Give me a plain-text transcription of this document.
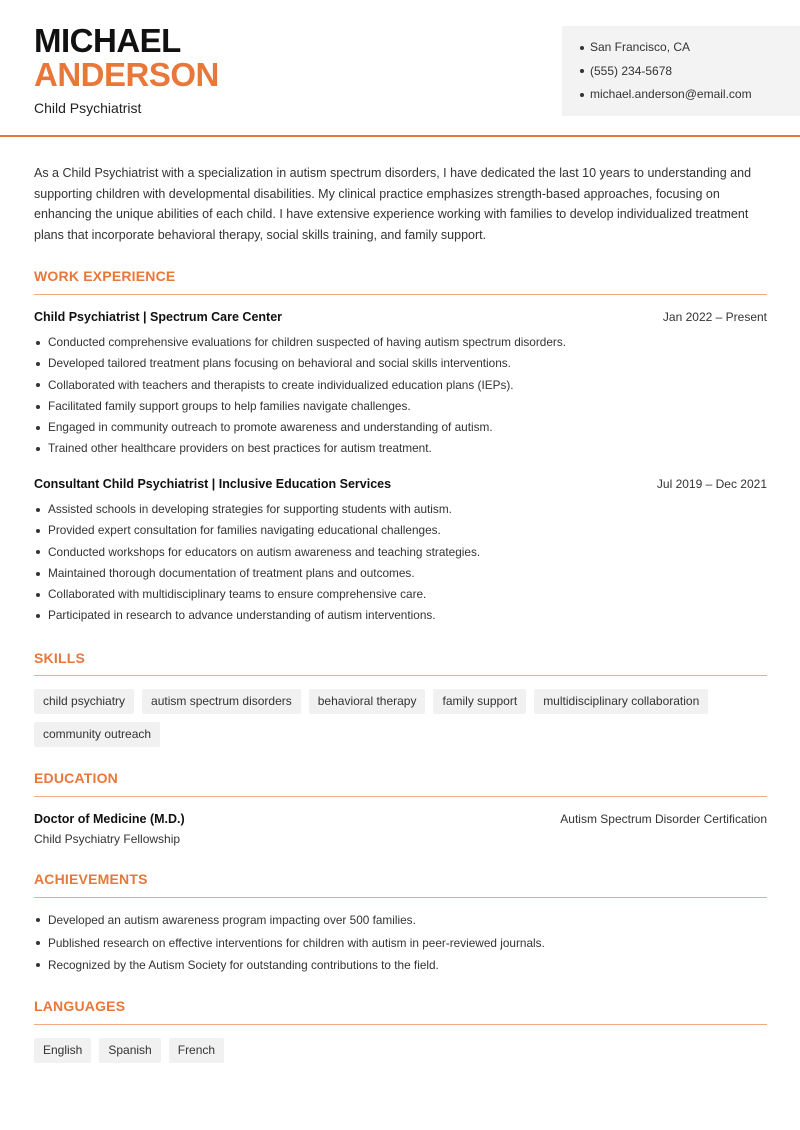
MICHAEL
ANDERSON
Child Psychiatrist
San Francisco, CA
(555) 234-5678
michael.anderson@email.com

As a Child Psychiatrist with a specialization in autism spectrum disorders, I have dedicated the last 10 years to understanding and supporting children with developmental disabilities. My clinical practice emphasizes strength-based approaches, focusing on enhancing the unique abilities of each child. I have extensive experience working with families to develop individualized treatment plans that incorporate behavioral therapy, social skills training, and family support.

WORK EXPERIENCE
Child Psychiatrist | Spectrum Care Center	Jan 2022 – Present
Conducted comprehensive evaluations for children suspected of having autism spectrum disorders.
Developed tailored treatment plans focusing on behavioral and social skills interventions.
Collaborated with teachers and therapists to create individualized education plans (IEPs).
Facilitated family support groups to help families navigate challenges.
Engaged in community outreach to promote awareness and understanding of autism.
Trained other healthcare providers on best practices for autism treatment.
Consultant Child Psychiatrist | Inclusive Education Services	Jul 2019 – Dec 2021
Assisted schools in developing strategies for supporting students with autism.
Provided expert consultation for families navigating educational challenges.
Conducted workshops for educators on autism awareness and teaching strategies.
Maintained thorough documentation of treatment plans and outcomes.
Collaborated with multidisciplinary teams to ensure comprehensive care.
Participated in research to advance understanding of autism interventions.
SKILLS
child psychiatry	autism spectrum disorders	behavioral therapy	family support	multidisciplinary collaboration
community outreach
EDUCATION
Doctor of Medicine (M.D.)	Autism Spectrum Disorder Certification
Child Psychiatry Fellowship
ACHIEVEMENTS
Developed an autism awareness program impacting over 500 families.
Published research on effective interventions for children with autism in peer-reviewed journals.
Recognized by the Autism Society for outstanding contributions to the field.
LANGUAGES
English	Spanish	French
